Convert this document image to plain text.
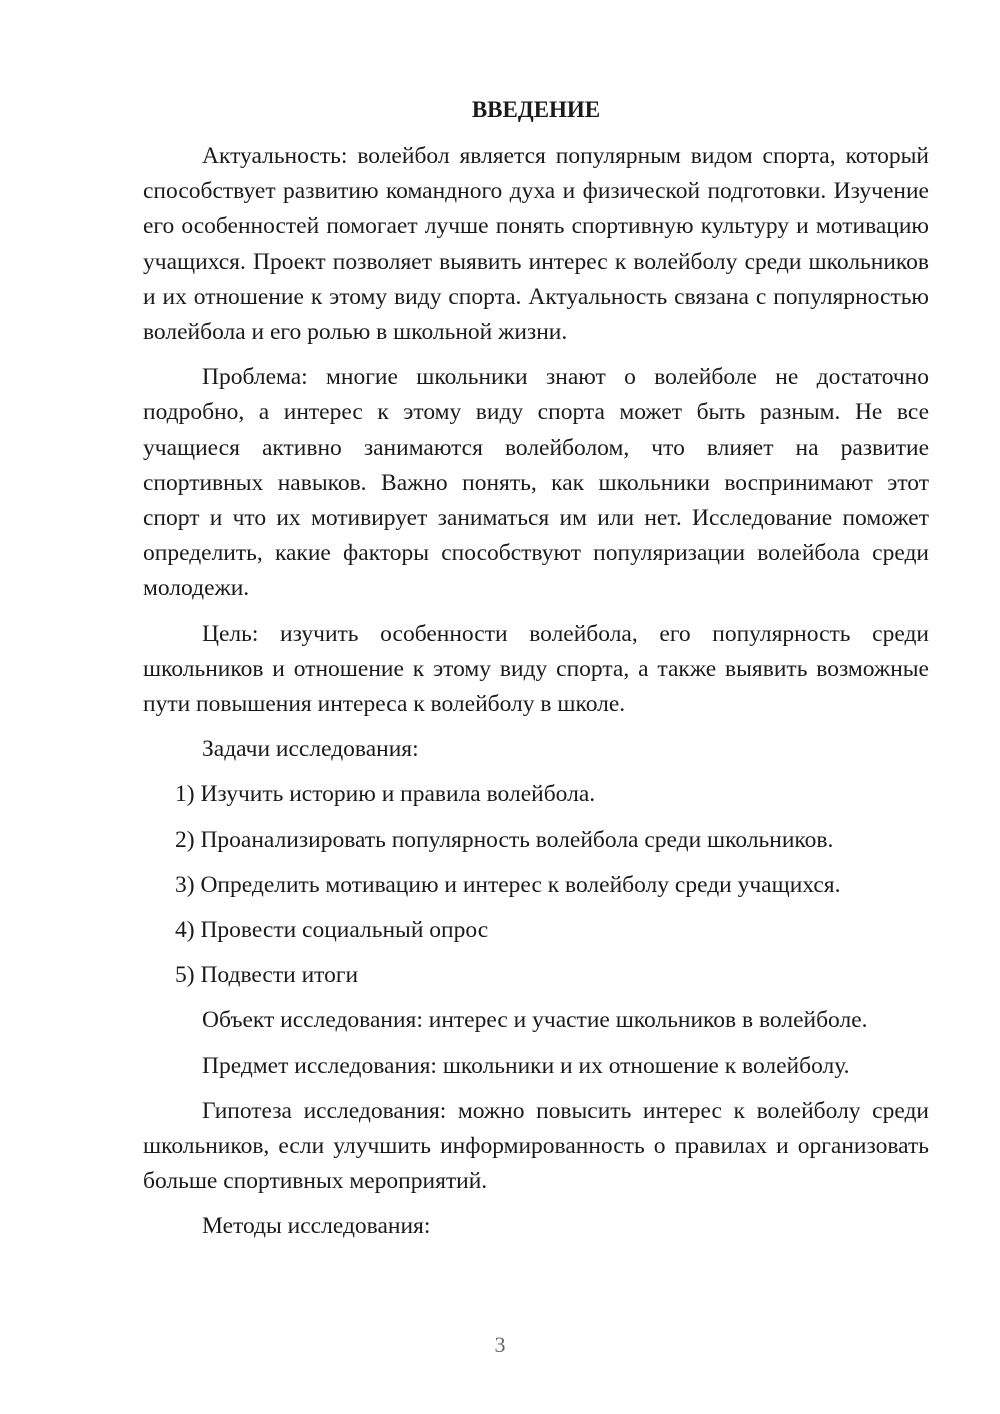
ВВЕДЕНИЕ

Актуальность: волейбол является популярным видом спорта, который способствует развитию командного духа и физической подготовки. Изучение его особенностей помогает лучше понять спортивную культуру и мотивацию учащихся. Проект позволяет выявить интерес к волейболу среди школьников и их отношение к этому виду спорта. Актуальность связана с популярностью волейбола и его ролью в школьной жизни.

Проблема: многие школьники знают о волейболе не достаточно подробно, а интерес к этому виду спорта может быть разным. Не все учащиеся активно занимаются волейболом, что влияет на развитие спортивных навыков. Важно понять, как школьники воспринимают этот спорт и что их мотивирует заниматься им или нет. Исследование поможет определить, какие факторы способствуют популяризации волейбола среди молодежи.

Цель: изучить особенности волейбола, его популярность среди школьников и отношение к этому виду спорта, а также выявить возможные пути повышения интереса к волейболу в школе.

Задачи исследования:

1) Изучить историю и правила волейбола.
2) Проанализировать популярность волейбола среди школьников.
3) Определить мотивацию и интерес к волейболу среди учащихся.
4) Провести социальный опрос
5) Подвести итоги

Объект исследования: интерес и участие школьников в волейболе.

Предмет исследования: школьники и их отношение к волейболу.

Гипотеза исследования: можно повысить интерес к волейболу среди школьников, если улучшить информированность о правилах и организовать больше спортивных мероприятий.

Методы исследования:

3
